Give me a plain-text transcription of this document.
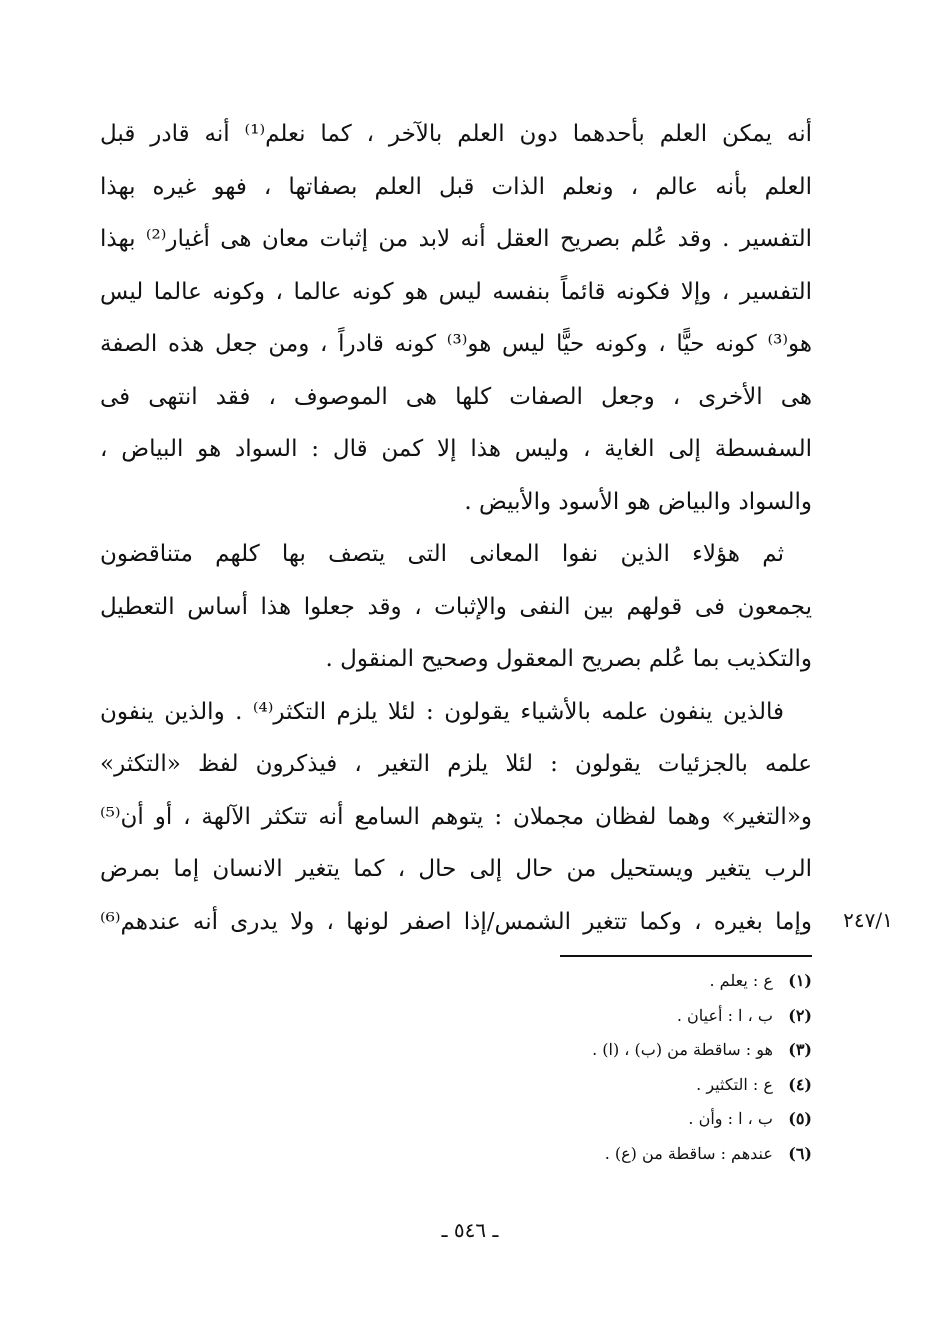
أنه يمكن العلم بأحدهما دون العلم بالآخر ، كما نعلم⁽¹⁾ أنه قادر قبل
العلم بأنه عالم ، ونعلم الذات قبل العلم بصفاتها ، فهو غيره بهذا
التفسير . وقد عُلم بصريح العقل أنه لابد من إثبات معان هى أغيار⁽²⁾ بهذا
التفسير ، وإلا فكونه قائماً بنفسه ليس هو كونه عالما ، وكونه عالما ليس
هو⁽³⁾ كونه حيًّا ، وكونه حيًّا ليس هو⁽³⁾ كونه قادراً ، ومن جعل هذه الصفة
هى الأخرى ، وجعل الصفات كلها هى الموصوف ، فقد انتهى فى
السفسطة إلى الغاية ، وليس هذا إلا كمن قال : السواد هو البياض ،
والسواد والبياض هو الأسود والأبيض .
ثم هؤلاء الذين نفوا المعانى التى يتصف بها كلهم متناقضون
يجمعون فى قولهم بين النفى والإثبات ، وقد جعلوا هذا أساس التعطيل
والتكذيب بما عُلم بصريح المعقول وصحيح المنقول .
فالذين ينفون علمه بالأشياء يقولون : لئلا يلزم التكثر⁽⁴⁾ . والذين ينفون
علمه بالجزئيات يقولون : لئلا يلزم التغير ، فيذكرون لفظ «التكثر»
و«التغير» وهما لفظان مجملان : يتوهم السامع أنه تتكثر الآلهة ، أو أن⁽⁵⁾
الرب يتغير ويستحيل من حال إلى حال ، كما يتغير الانسان إما بمرض
وإما بغيره ، وكما تتغير الشمس/إذا اصفر لونها ، ولا يدرى أنه عندهم⁽⁶⁾	٢٤٧/١
(١) ع : يعلم .
(٢) ب ، ا : أعيان .
(٣) هو : ساقطة من (ب) ، (ا) .
(٤) ع : التكثير .
(٥) ب ، ا : وأن .
(٦) عندهم : ساقطة من (ع) .
ـ ٥٤٦ ـ
